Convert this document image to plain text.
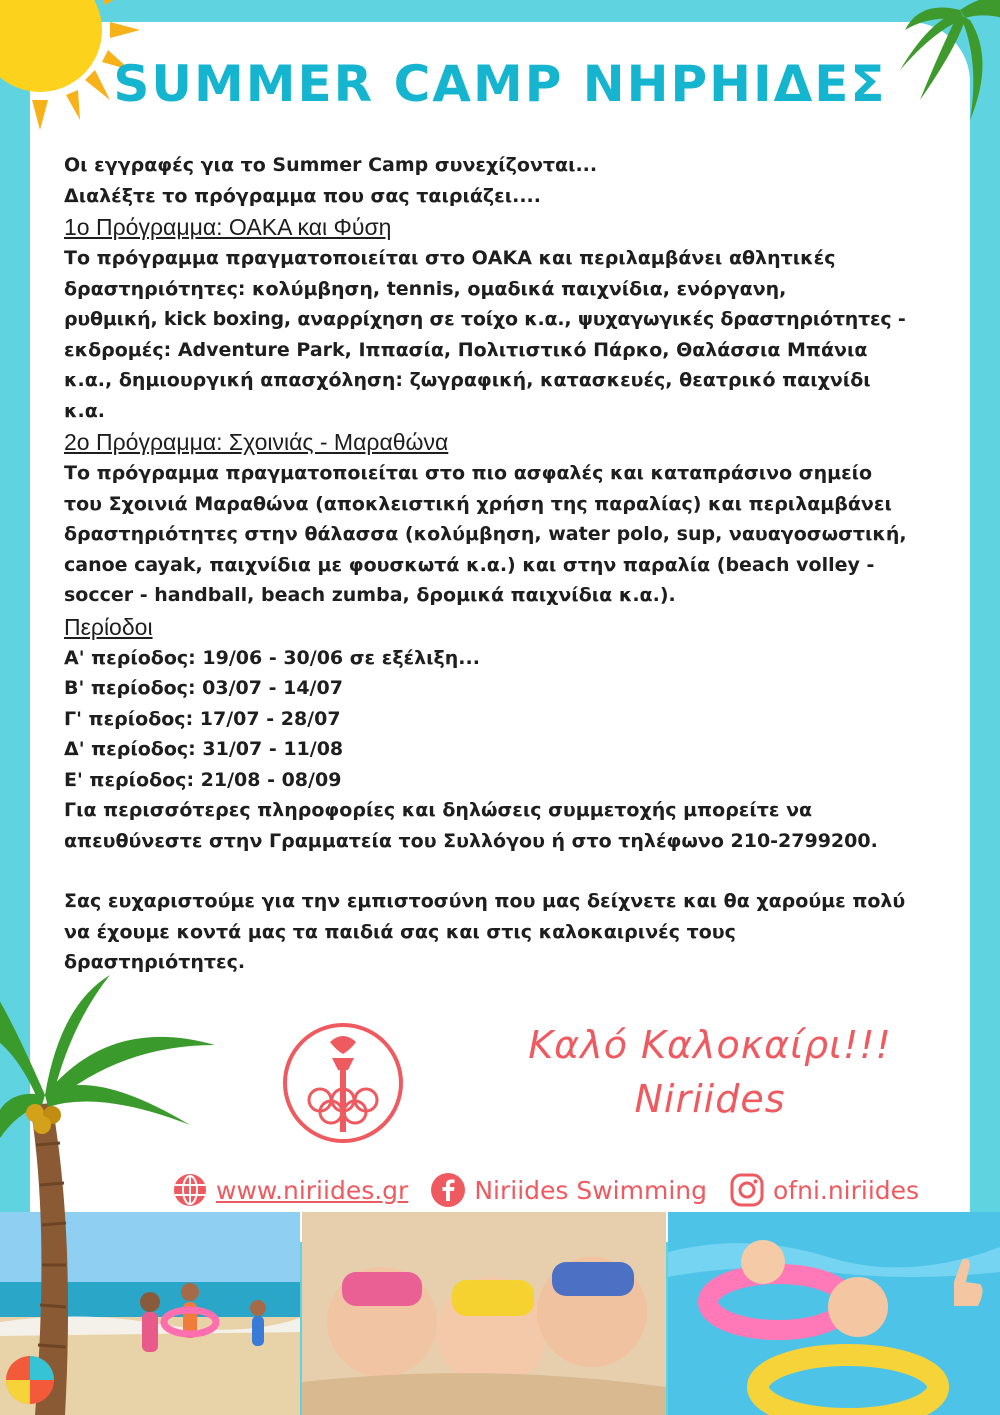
SUMMER CAMP ΝΗΡΗΙΔΕΣ

Οι εγγραφές για το Summer Camp συνεχίζονται...

Διαλέξτε το πρόγραμμα που σας ταιριάζει....

1ο Πρόγραμμα: ΟΑΚΑ και Φύση

Το πρόγραμμα πραγματοποιείται στο ΟΑΚΑ και περιλαμβάνει αθλητικές

δραστηριότητες: κολύμβηση, tennis, ομαδικά παιχνίδια, ενόργανη,

ρυθμική, kick boxing, αναρρίχηση σε τοίχο κ.α., ψυχαγωγικές δραστηριότητες -

εκδρομές: Adventure Park, Ιππασία, Πολιτιστικό Πάρκο, Θαλάσσια Μπάνια

κ.α., δημιουργική απασχόληση: ζωγραφική, κατασκευές, θεατρικό παιχνίδι

κ.α.

2ο Πρόγραμμα: Σχοινιάς - Μαραθώνα

Το πρόγραμμα πραγματοποιείται στο πιο ασφαλές και καταπράσινο σημείο

του Σχοινιά Μαραθώνα (αποκλειστική χρήση της παραλίας) και περιλαμβάνει

δραστηριότητες στην θάλασσα (κολύμβηση, water polo, sup, ναυαγοσωστική,

canoe cayak, παιχνίδια με φουσκωτά κ.α.) και στην παραλία (beach volley -

soccer - handball, beach zumba, δρομικά παιχνίδια κ.α.).

Περίοδοι

Α' περίοδος: 19/06 - 30/06 σε εξέλιξη...

Β' περίοδος: 03/07 - 14/07

Γ' περίοδος: 17/07 - 28/07

Δ' περίοδος: 31/07 - 11/08

Ε' περίοδος: 21/08 - 08/09

Για περισσότερες πληροφορίες και δηλώσεις συμμετοχής μπορείτε να

απευθύνεστε στην Γραμματεία του Συλλόγου ή στο τηλέφωνο 210-2799200.

Σας ευχαριστούμε για την εμπιστοσύνη που μας δείχνετε και θα χαρούμε πολύ

να έχουμε κοντά μας τα παιδιά σας και στις καλοκαιρινές τους

δραστηριότητες.

Καλό Καλοκαίρι!!!
Niriides
www.niriides.gr	Niriides Swimming	ofni.niriides
